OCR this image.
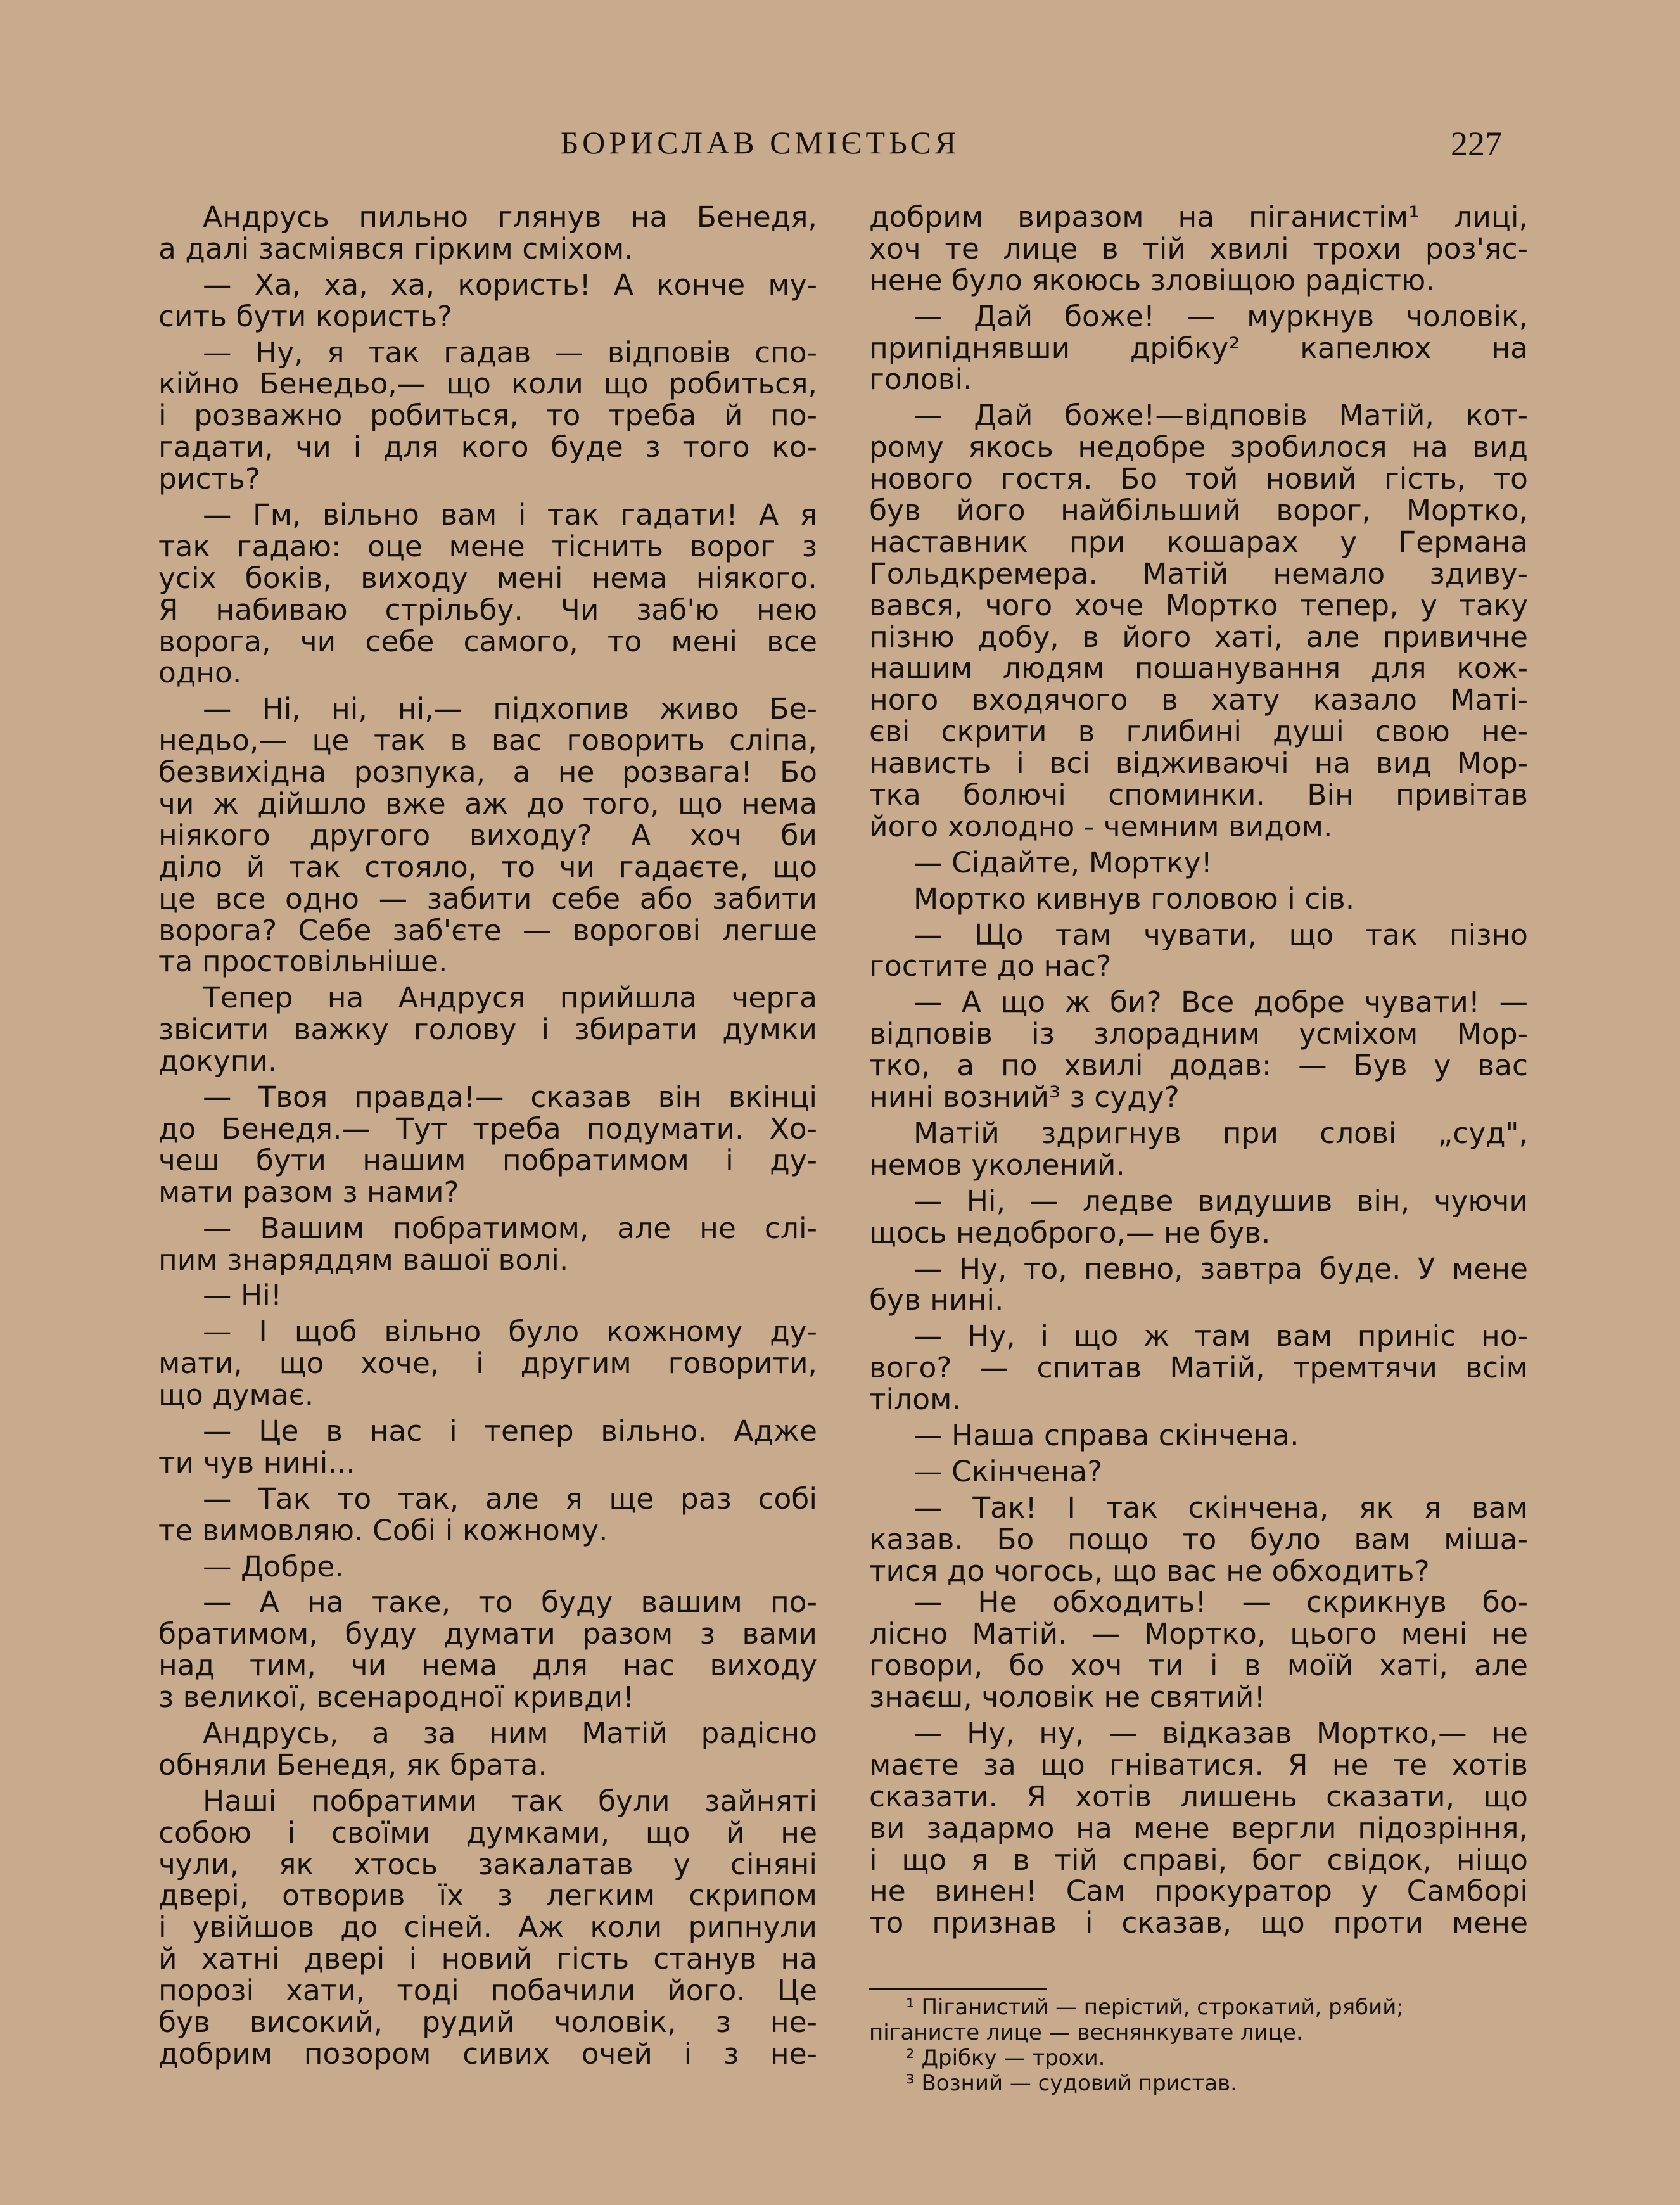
БОРИСЛАВ СМІЄТЬСЯ	227
Андрусь пильно глянув на Бенедя,
а далі засміявся гірким сміхом.
— Ха, ха, ха, користь! А конче му-
сить бути користь?
— Ну, я так гадав — відповів спо-
кійно Бенедьо,— що коли що робиться,
і розважно робиться, то треба й по-
гадати, чи і для кого буде з того ко-
ристь?
— Гм, вільно вам і так гадати! А я
так гадаю: оце мене тіснить ворог з
усіх боків, виходу мені нема ніякого.
Я набиваю стрільбу. Чи заб'ю нею
ворога, чи себе самого, то мені все
одно.
— Ні, ні, ні,— підхопив живо Бе-
недьо,— це так в вас говорить сліпа,
безвихідна розпука, а не розвага! Бо
чи ж дійшло вже аж до того, що нема
ніякого другого виходу? А хоч би
діло й так стояло, то чи гадаєте, що
це все одно — забити себе або забити
ворога? Себе заб'єте — ворогові легше
та простовільніше.
Тепер на Андруся прийшла черга
звісити важку голову і збирати думки
докупи.
— Твоя правда!— сказав він вкінці
до Бенедя.— Тут треба подумати. Хо-
чеш бути нашим побратимом і ду-
мати разом з нами?
— Вашим побратимом, але не слі-
пим знаряддям вашої волі.
— Ні!
— І щоб вільно було кожному ду-
мати, що хоче, і другим говорити,
що думає.
— Це в нас і тепер вільно. Адже
ти чув нині...
— Так то так, але я ще раз собі
те вимовляю. Собі і кожному.
— Добре.
— А на таке, то буду вашим по-
братимом, буду думати разом з вами
над тим, чи нема для нас виходу
з великої, всенародної кривди!
Андрусь, а за ним Матій радісно
обняли Бенедя, як брата.
Наші побратими так були зайняті
собою і своїми думками, що й не
чули, як хтось закалатав у сіняні
двері, отворив їх з легким скрипом
і увійшов до сіней. Аж коли рипнули
й хатні двері і новий гість станув на
порозі хати, тоді побачили його. Це
був високий, рудий чоловік, з не-
добрим позором сивих очей і з не-
добрим виразом на піганистім¹ лиці,
хоч те лице в тій хвилі трохи роз'яс-
нене було якоюсь зловіщою радістю.
— Дай боже! — муркнув чоловік,
припіднявши дрібку² капелюх на
голові.
— Дай боже!—відповів Матій, кот-
рому якось недобре зробилося на вид
нового гостя. Бо той новий гість, то
був його найбільший ворог, Мортко,
наставник при кошарах у Германа
Гольдкремера. Матій немало здиву-
вався, чого хоче Мортко тепер, у таку
пізню добу, в його хаті, але привичне
нашим людям пошанування для кож-
ного входячого в хату казало Маті-
єві скрити в глибині душі свою не-
нависть і всі відживаючі на вид Мор-
тка болючі споминки. Він привітав
його холодно - чемним видом.
— Сідайте, Мортку!
Мортко кивнув головою і сів.
— Що там чувати, що так пізно
гостите до нас?
— А що ж би? Все добре чувати! —
відповів із злорадним усміхом Мор-
тко, а по хвилі додав: — Був у вас
нині возний³ з суду?
Матій здригнув при слові „суд",
немов уколений.
— Ні, — ледве видушив він, чуючи
щось недоброго,— не був.
— Ну, то, певно, завтра буде. У мене
був нині.
— Ну, і що ж там вам приніс но-
вого? — спитав Матій, тремтячи всім
тілом.
— Наша справа скінчена.
— Скінчена?
— Так! І так скінчена, як я вам
казав. Бо пощо то було вам міша-
тися до чогось, що вас не обходить?
— Не обходить! — скрикнув бо-
лісно Матій. — Мортко, цього мені не
говори, бо хоч ти і в моїй хаті, але
знаєш, чоловік не святий!
— Ну, ну, — відказав Мортко,— не
маєте за що гніватися. Я не те хотів
сказати. Я хотів лишень сказати, що
ви задармо на мене вергли підозріння,
і що я в тій справі, бог свідок, ніщо
не винен! Сам прокуратор у Самборі
то признав і сказав, що проти мене
¹ Піганистий — перістий, строкатий, рябий;
піганисте лице — веснянкувате лице.
² Дрібку — трохи.
³ Возний — судовий пристав.
